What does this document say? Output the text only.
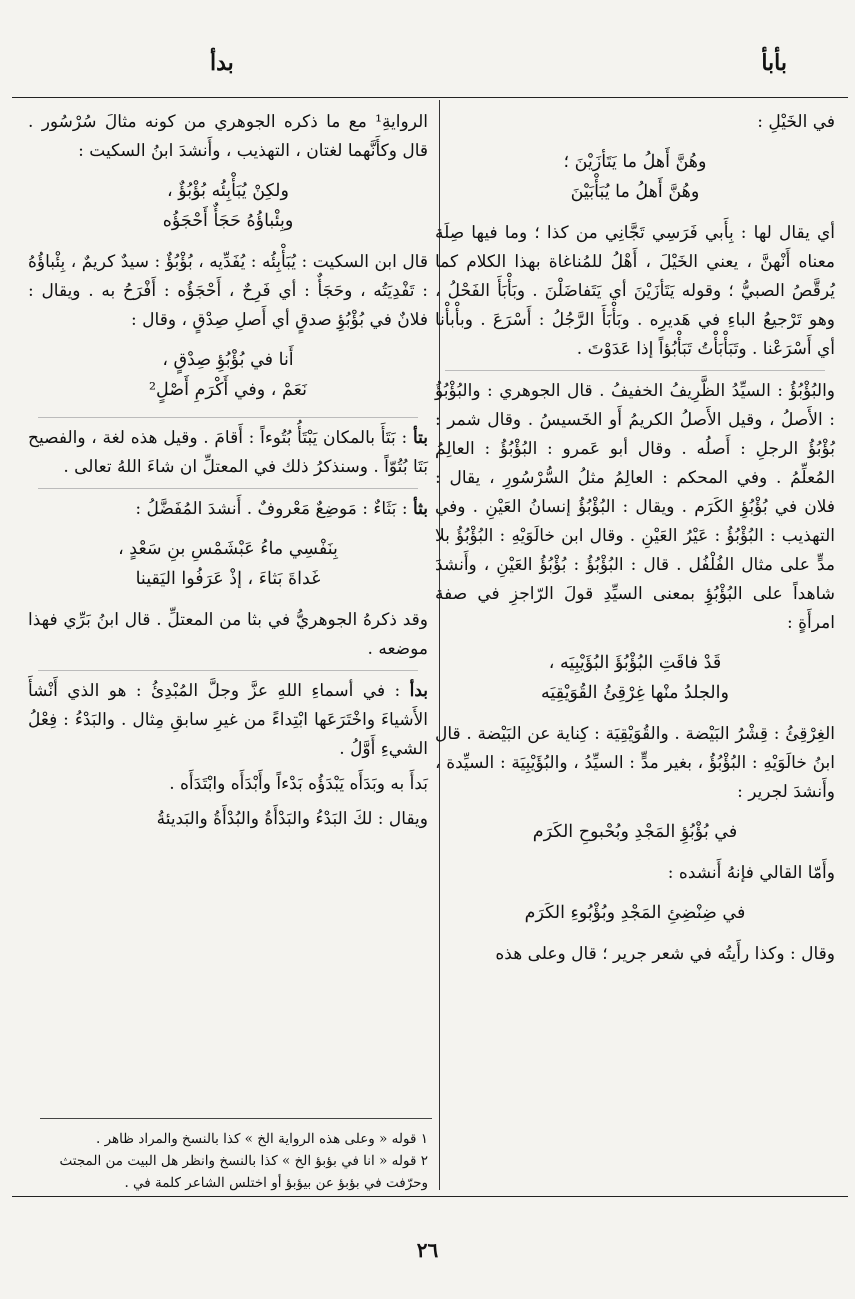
بأبأ
بدأ

في الخَيْلِ :

وهُنَّ أَهلُ ما يَتَأزَيْنَ ؛
وهُنَّ أَهلُ ما يُبَأْبَيْنَ

أي يقال لها : بِأَبي فَرَسِي تَجَّانِي من كذا ؛ وما فيها صِلَة معناه أَنْهنَّ ، يعني الخَيْلَ ، أَهْلُ للمُناغاة بهذا الكلام كما يُرقَّصُ الصبيُّ ؛ وقوله يَتَأزَيْنَ أي يَتَفاضَلْنَ . وبَأْبَأَ الفَحْلُ ، وهو تَرْجيعُ الباءِ في هَديرِه . وبَأْبَأَ الرَّجُلُ : أَسْرَعَ . وبأْبأْنا أي أَسْرَعْنا . وتَبَأْبَأْتُ تَبَأْبُؤاً إذا عَدَوْتَ .

والبُؤْبُؤُ : السيِّدُ الظَّرِيفُ الخفيفُ . قال الجوهري : والبُؤْبُؤُ : الأَصلُ ، وقيل الأَصلُ الكريمُ أَو الخَسيسُ . وقال شمر : بُؤْبُؤُ الرجلِ : أَصلُه . وقال أبو عَمرو : البُؤْبُؤُ : العالِمُ المُعلِّمُ . وفي المحكم : العالِمُ مثلُ السُّرْسُورِ ، يقال : فلان في بُؤْبُؤِ الكَرَم . ويقال : البُؤْبُؤُ إنسانُ العَيْنِ . وفي التهذيب : البُؤْبُؤُ : عَيْرُ العَيْنِ . وقال ابن خالَوَيْهِ : البُؤْبُؤُ بلا مدٍّ على مثال الفُلْفُل . قال : البُؤْبُؤُ : بُؤْبُؤُ العَيْنِ ، وأَنشدَ شاهداً على البُؤْبُؤِ بمعنى السيِّدِ قولَ الرّاجزِ في صفة امرأَةٍ :

قَدْ فاقَتِ البُؤْبُؤَ البُؤَيْبِيَه ،
والجلدُ منْها غِرْقِئُ القُوَيْقِيَه

الغِرْقِئُ : قِشْرُ البَيْضة . والقُوَيْقِيَة : كِناية عن البَيْضة . قال ابنُ خالَوَيْهِ : البُؤْبُؤُ ، بغير مدٍّ : السيِّدُ ، والبُؤَيْبِيَة : السيِّدة ، وأَنشدَ لجرير :

في بُؤْبُؤِ المَجْدِ وبُحْبوحِ الكَرَم

وأَمّا القالي فإنهُ أَنشده :

في ضِنْضِئِ المَجْدِ وبُؤْبُوءِ الكَرَم

وقال : وكذا رأَيتُه في شعر جرير ؛ قال وعلى هذه

الروايةِ¹ مع ما ذكره الجوهري من كونه مثالَ سُرْسُور . قال وكأَنَّهما لغتان ، التهذيب ، وأَنشدَ ابنُ السكيت :

ولكِنْ يُبَأْبِئُه بُؤْبُؤٌ ،
وبِئْباؤُهُ حَجَأٌ أَحْجَؤُه

قال ابن السكيت : يُبَأْبِئُه : يُفَدِّيه ، بُؤْبُؤٌ : سيدٌ كريمٌ ، بِئْباؤُهُ : تَفْدِيَتُه ، وحَجَأٌ : أي فَرِحٌ ، أَحْجَؤُه : أَفْرَحُ به . ويقال : فلانٌ في بُؤْبُؤِ صدقٍ أي أَصلِ صِدْقٍ ، وقال :

أَنا في بُؤْبُؤِ صِدْقٍ ،
نَعَمْ ، وفي أَكْرَمِ أَصْلٍ²

بتأ : بَتَأَ بالمكان يَبْتَأُ بُتُوءاً : أَقامَ . وقيل هذه لغة ، والفصيح بَتَا بُتُوّاً . وسنذكرُ ذلك في المعتلِّ ان شاءَ اللهُ تعالى .

بثأ : بَثَاءٌ : مَوضِعٌ مَعْروفٌ . أَنشدَ المُفَضَّلُ :

بِنَفْسِي ماءُ عَبْشَمْسِ بنِ سَعْدٍ ،
غَداةَ بَثاءَ ، إذْ عَرَفُوا اليَقينا

وقد ذكرهُ الجوهريُّ في بثا من المعتلِّ . قال ابنُ بَرِّي فهذا موضعه .

بدأ : في أسماءِ اللهِ عزَّ وجلَّ المُبْدِئُ : هو الذي أَنْشأَ الأَشياءَ واخْتَرَعَها ابْتِداءً من غيرِ سابقِ مِثال . والبَدْءُ : فِعْلُ الشيءِ أَوَّلُ .

بَدأَ به وبَدَأَه يَبْدَؤُه بَدْءاً وأَبْدَأَه وابْتَدَأَه .

ويقال : لكَ البَدْءُ والبَدْأَةُ والبُدْأَةُ والبَديئةُ

١ قوله « وعلى هذه الرواية الخ » كذا بالنسخ والمراد ظاهر .
٢ قوله « انا في بؤبؤ الخ » كذا بالنسخ وانظر هل البيت من المجتث وحرّفت في بؤبؤ عن بيؤبؤ أو اختلس الشاعر كلمة في .
٢٦
